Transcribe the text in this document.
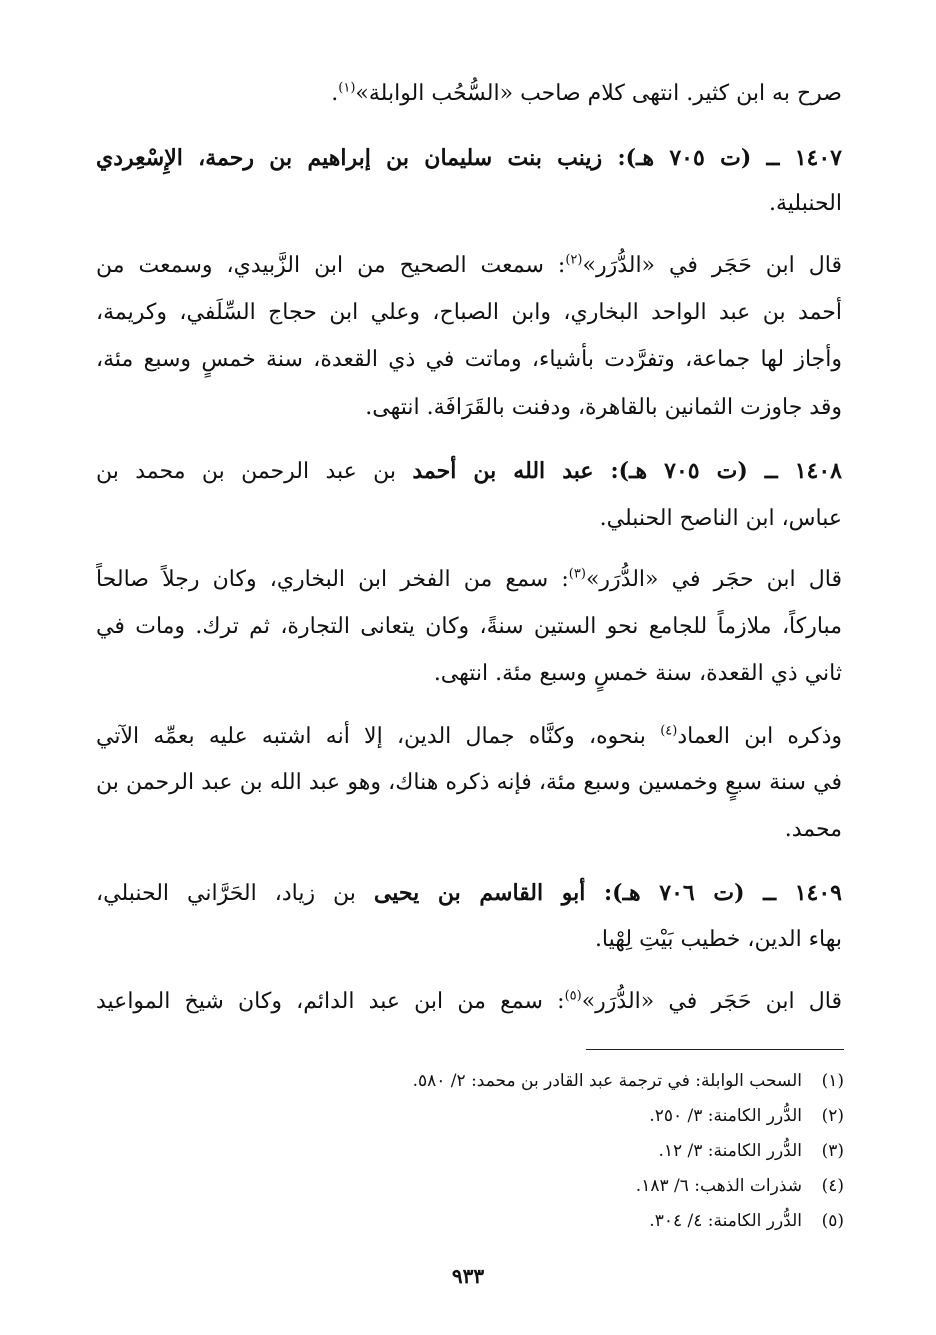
صرح به ابن كثير. انتهى كلام صاحب «السُّحُب الوابلة»$^{(١)}$.

١٤٠٧ ــ (ت ٧٠٥ هـ): زينب بنت سليمان بن إبراهيم بن رحمة، الإِسْعِردي

الحنبلية.

قال ابن حَجَر في «الدُّرَر»$^{(٢)}$: سمعت الصحيح من ابن الزَّبيدي، وسمعت من

أحمد بن عبد الواحد البخاري، وابن الصباح، وعلي ابن حجاج السِّلَفي، وكريمة،

وأجاز لها جماعة، وتفرَّدت بأشياء، وماتت في ذي القعدة، سنة خمسٍ وسبع مئة،

وقد جاوزت الثمانين بالقاهرة، ودفنت بالقَرَافَة. انتهى.

١٤٠٨ ــ (ت ٧٠٥ هـ): عبد الله بن أحمد بن عبد الرحمن بن محمد بن

عباس، ابن الناصح الحنبلي.

قال ابن حجَر في «الدُّرَر»$^{(٣)}$: سمع من الفخر ابن البخاري، وكان رجلاً صالحاً

مباركاً، ملازماً للجامع نحو الستين سنةً، وكان يتعانى التجارة، ثم ترك. ومات في

ثاني ذي القعدة، سنة خمسٍ وسبع مئة. انتهى.

وذكره ابن العماد$^{(٤)}$ بنحوه، وكنَّاه جمال الدين، إلا أنه اشتبه عليه بعمِّه الآتي

في سنة سبعٍ وخمسين وسبع مئة، فإنه ذكره هناك، وهو عبد الله بن عبد الرحمن بن

محمد.

١٤٠٩ ــ (ت ٧٠٦ هـ): أبو القاسم بن يحيى بن زياد، الحَرَّاني الحنبلي،

بهاء الدين، خطيب بَيْتِ لِهْيا.

قال ابن حَجَر في «الدُّرَر»$^{(٥)}$: سمع من ابن عبد الدائم، وكان شيخ المواعيد

(١)السحب الوابلة: في ترجمة عبد القادر بن محمد: ٢/ ٥٨٠.

(٢)الدُّرر الكامنة: ٣/ ٢٥٠.

(٣)الدُّرر الكامنة: ٣/ ١٢.

(٤)شذرات الذهب: ٦/ ١٨٣.

(٥)الدُّرر الكامنة: ٤/ ٣٠٤.

٩٣٣
